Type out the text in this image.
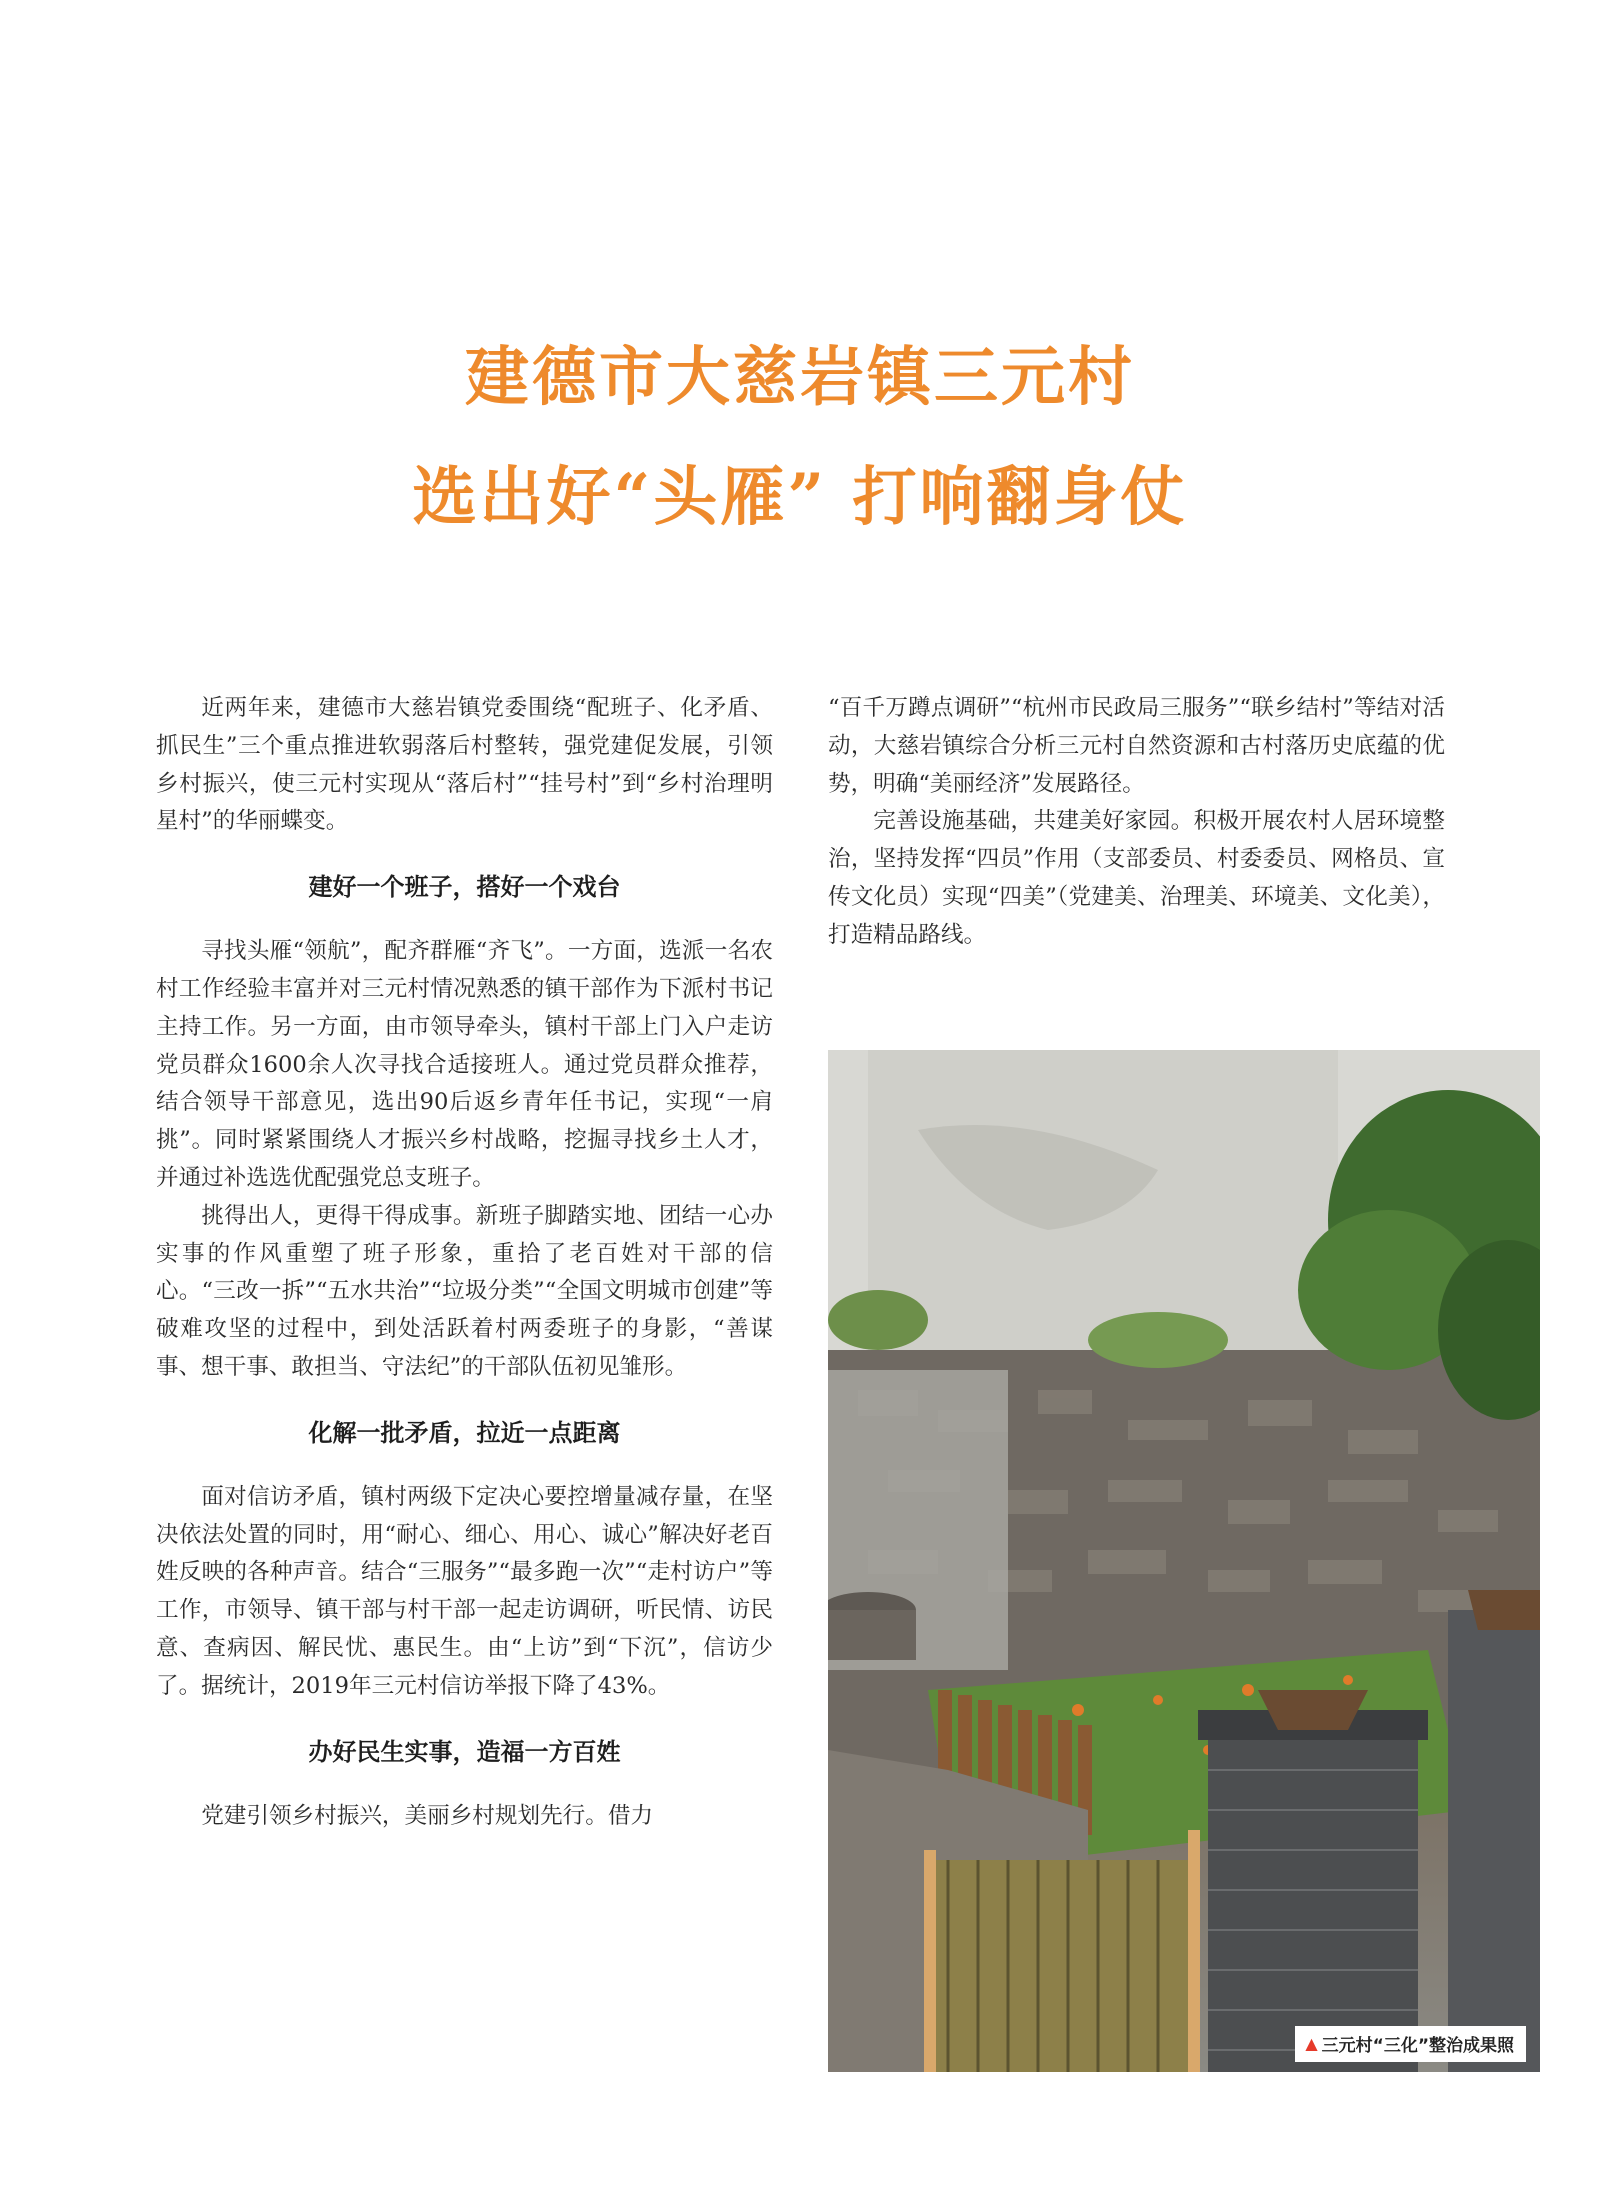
建德市大慈岩镇三元村
选出好“头雁” 打响翻身仗

近两年来，建德市大慈岩镇党委围绕“配班子、化矛盾、抓民生”三个重点推进软弱落后村整转，强党建促发展，引领乡村振兴，使三元村实现从“落后村”“挂号村”到“乡村治理明星村”的华丽蝶变。

建好一个班子，搭好一个戏台

寻找头雁“领航”，配齐群雁“齐飞”。一方面，选派一名农村工作经验丰富并对三元村情况熟悉的镇干部作为下派村书记主持工作。另一方面，由市领导牵头，镇村干部上门入户走访党员群众1600余人次寻找合适接班人。通过党员群众推荐，结合领导干部意见，选出90后返乡青年任书记，实现“一肩挑”。同时紧紧围绕人才振兴乡村战略，挖掘寻找乡土人才，并通过补选选优配强党总支班子。

挑得出人，更得干得成事。新班子脚踏实地、团结一心办实事的作风重塑了班子形象，重拾了老百姓对干部的信心。“三改一拆”“五水共治”“垃圾分类”“全国文明城市创建”等破难攻坚的过程中，到处活跃着村两委班子的身影，“善谋事、想干事、敢担当、守法纪”的干部队伍初见雏形。

化解一批矛盾，拉近一点距离

面对信访矛盾，镇村两级下定决心要控增量减存量，在坚决依法处置的同时，用“耐心、细心、用心、诚心”解决好老百姓反映的各种声音。结合“三服务”“最多跑一次”“走村访户”等工作，市领导、镇干部与村干部一起走访调研，听民情、访民意、查病因、解民忧、惠民生。由“上访”到“下沉”，信访少了。据统计，2019年三元村信访举报下降了43%。

办好民生实事，造福一方百姓

党建引领乡村振兴，美丽乡村规划先行。借力

“百千万蹲点调研”“杭州市民政局三服务”“联乡结村”等结对活动，大慈岩镇综合分析三元村自然资源和古村落历史底蕴的优势，明确“美丽经济”发展路径。

完善设施基础，共建美好家园。积极开展农村人居环境整治，坚持发挥“四员”作用（支部委员、村委委员、网格员、宣传文化员）实现“四美”（党建美、治理美、环境美、文化美），打造精品路线。

▲ 三元村“三化”整治成果照
